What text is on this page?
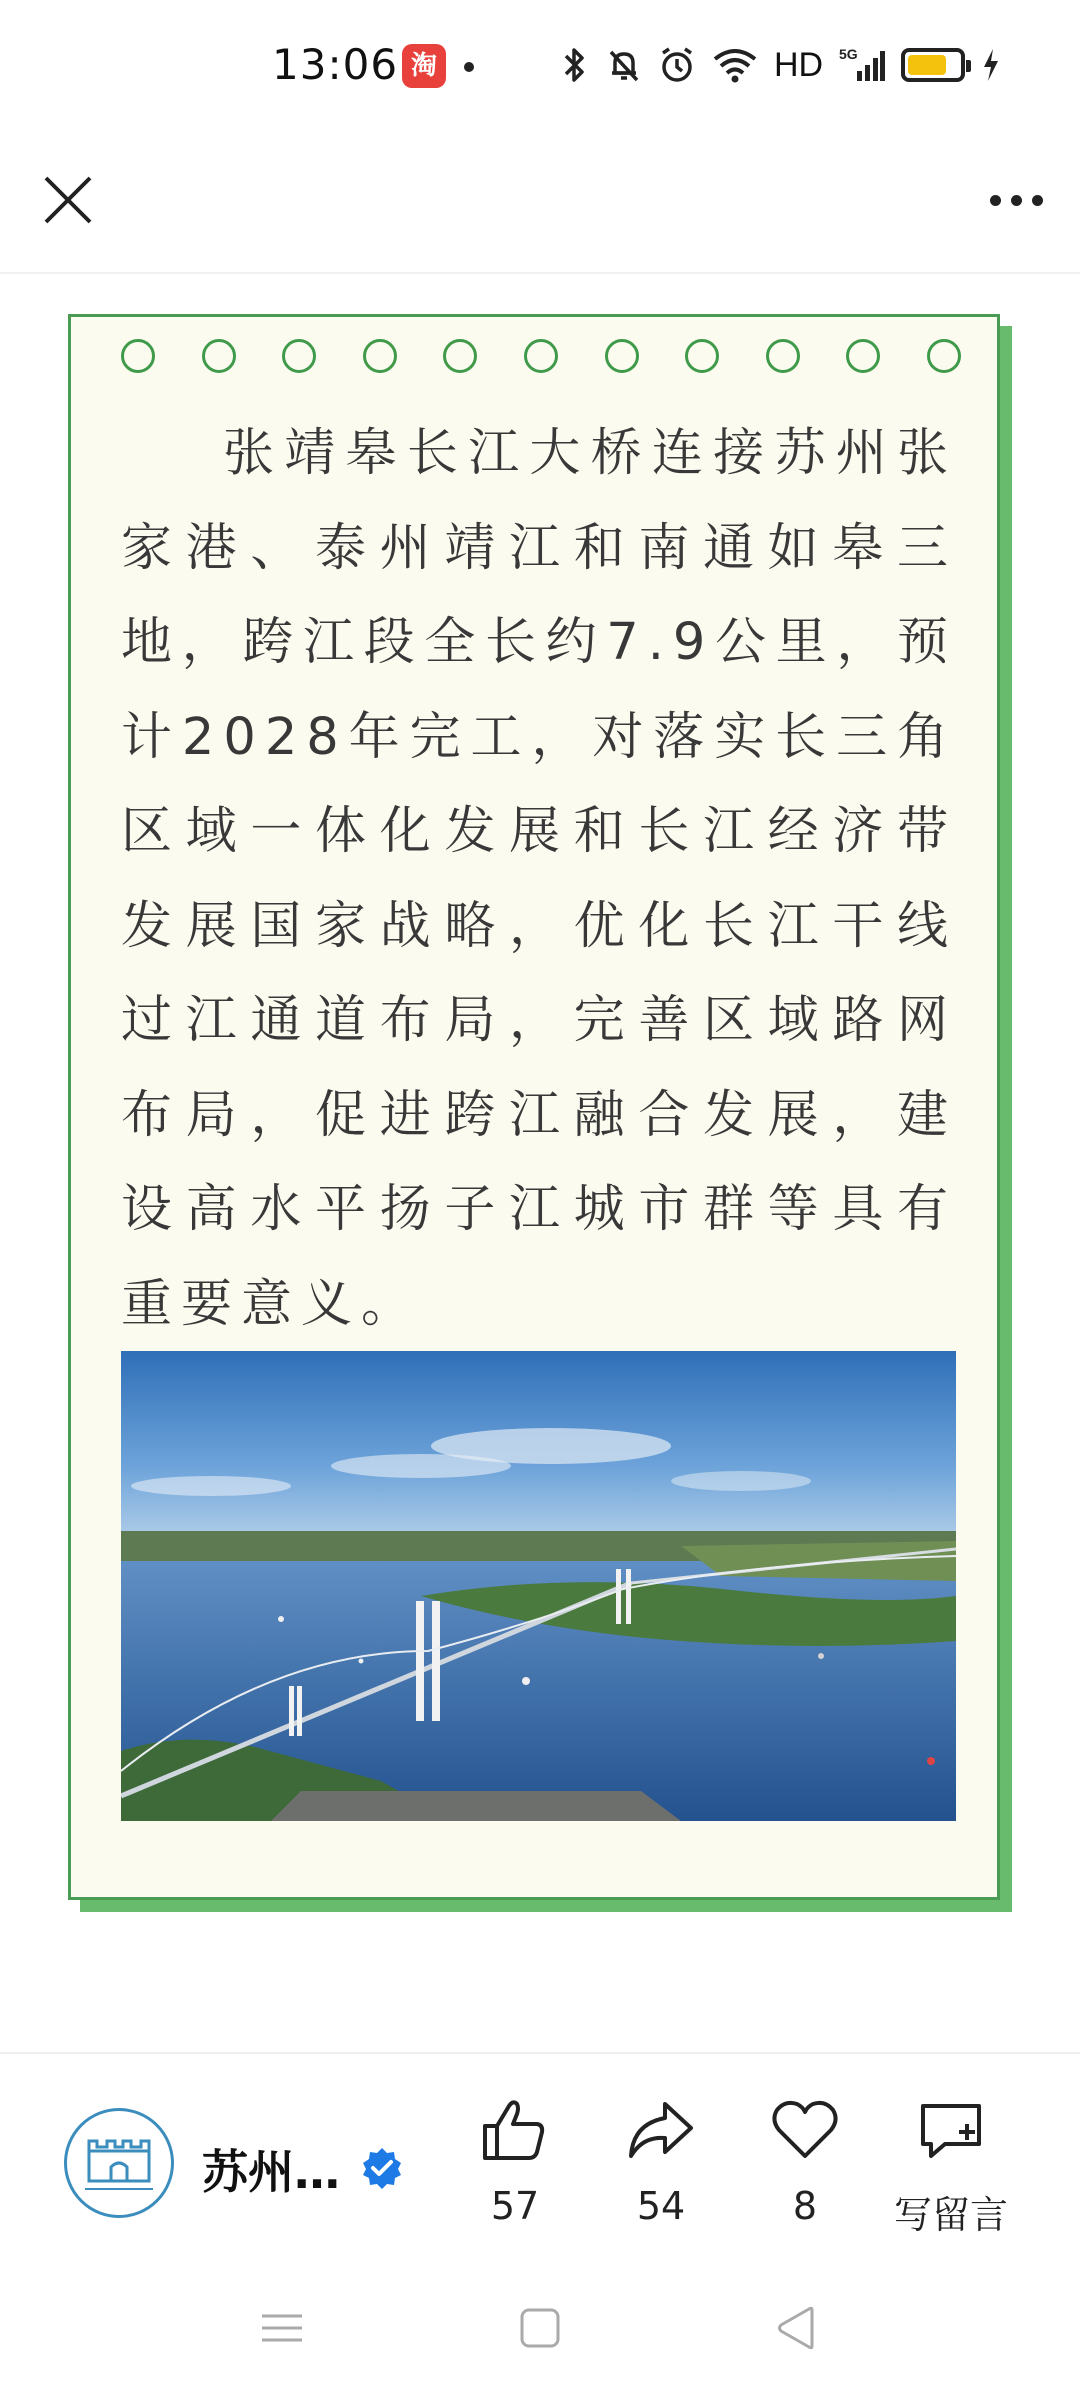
13:06 淘	HD 5G

张靖皋长江大桥连接苏州张家港、泰州靖江和南通如皋三地，跨江段全长约7.9公里，预计2028年完工，对落实长三角区域一体化发展和长江经济带发展国家战略，优化长江干线过江通道布局，完善区域路网布局，促进跨江融合发展，建设高水平扬子江城市群等具有重要意义。

苏州…
57	54	8	写留言
